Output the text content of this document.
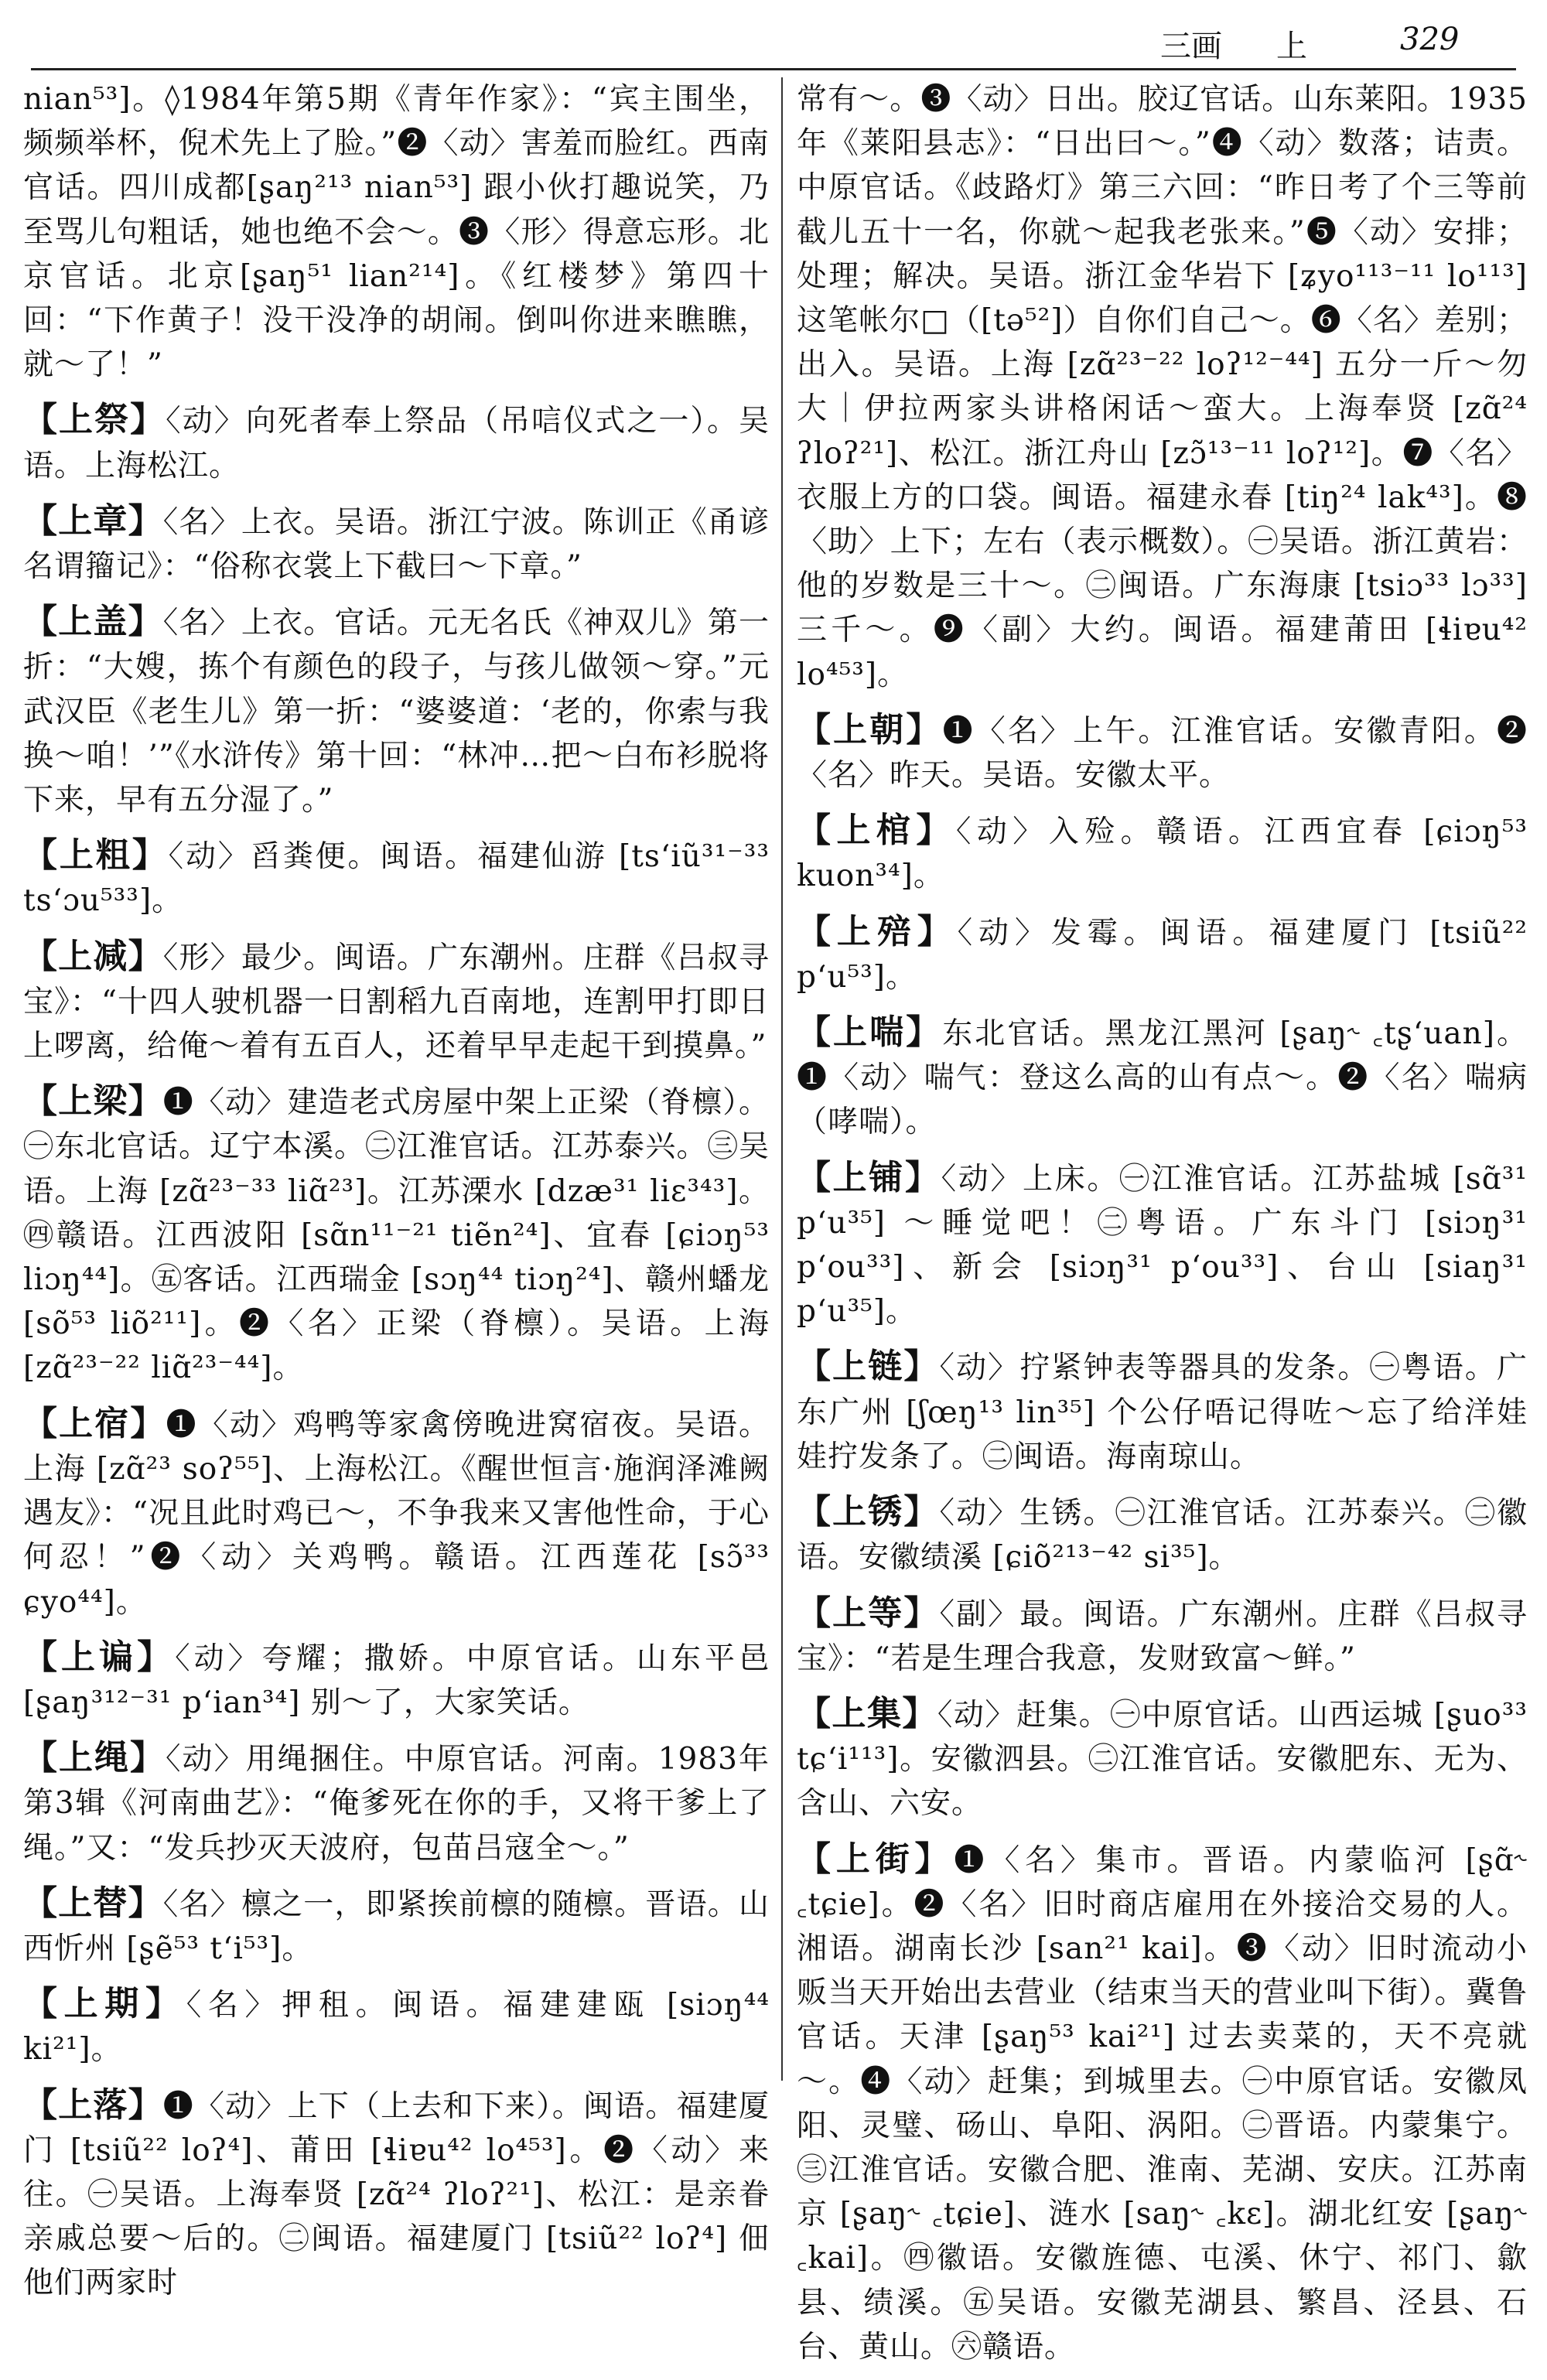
三画 上	329
nian⁵³]。◊1984年第5期《青年作家》：“宾主围坐，频频举杯，倪术先上了脸。”❷〈动〉害羞而脸红。西南官话。四川成都[ʂaŋ²¹³ nian⁵³] 跟小伙打趣说笑，乃至骂儿句粗话，她也绝不会～。❸〈形〉得意忘形。北京官话。北京[ʂaŋ⁵¹ lian²¹⁴]。《红楼梦》第四十回：“下作黄子！没干没净的胡闹。倒叫你进来瞧瞧，就～了！”
【上祭】〈动〉向死者奉上祭品（吊唁仪式之一）。吴语。上海松江。
【上章】〈名〉上衣。吴语。浙江宁波。陈训正《甬谚名谓籀记》：“俗称衣裳上下截曰～下章。”
【上盖】〈名〉上衣。官话。元无名氏《神双儿》第一折：“大嫂，拣个有颜色的段子，与孩儿做领～穿。”元武汉臣《老生儿》第一折：“婆婆道：‘老的，你索与我换～咱！’”《水浒传》第十回：“林冲…把～白布衫脱将下来，早有五分湿了。”
【上粗】〈动〉舀粪便。闽语。福建仙游 [ts‘iũ³¹⁻³³ ts‘ɔu⁵³³]。
【上减】〈形〉最少。闽语。广东潮州。庄群《吕叔寻宝》：“十四人驶机器一日割稻九百南地，连割甲打即日上啰离，给俺～着有五百人，还着早早走起干到摸鼻。”
【上梁】❶〈动〉建造老式房屋中架上正梁（脊檩）。㊀东北官话。辽宁本溪。㊁江淮官话。江苏泰兴。㊂吴语。上海 [zɑ̃²³⁻³³ liɑ̃²³]。江苏溧水 [dzæ³¹ liɛ³⁴³]。㊃赣语。江西波阳 [sɑ̃n¹¹⁻²¹ tiẽn²⁴]、宜春 [ɕiɔŋ⁵³ liɔŋ⁴⁴]。㊄客话。江西瑞金 [sɔŋ⁴⁴ tiɔŋ²⁴]、赣州蟠龙 [sõ⁵³ liõ²¹¹]。❷〈名〉正梁（脊檩）。吴语。上海 [zɑ̃²³⁻²² liɑ̃²³⁻⁴⁴]。
【上宿】❶〈动〉鸡鸭等家禽傍晚进窝宿夜。吴语。上海 [zɑ̃²³ soʔ⁵⁵]、上海松江。《醒世恒言·施润泽滩阙遇友》：“况且此时鸡已～，不争我来又害他性命，于心何忍！”❷〈动〉关鸡鸭。赣语。江西莲花 [sɔ̃³³ ɕyo⁴⁴]。
【上谝】〈动〉夸耀；撒娇。中原官话。山东平邑 [ʂaŋ³¹²⁻³¹ p‘ian³⁴] 别～了，大家笑话。
【上绳】〈动〉用绳捆住。中原官话。河南。1983年第3辑《河南曲艺》：“俺爹死在你的手，又将干爹上了绳。”又：“发兵抄灭天波府，包苗吕寇全～。”
【上替】〈名〉檩之一，即紧挨前檩的随檩。晋语。山西忻州 [ʂẽ⁵³ t‘i⁵³]。
【上期】〈名〉押租。闽语。福建建瓯 [siɔŋ⁴⁴ ki²¹]。
【上落】❶〈动〉上下（上去和下来）。闽语。福建厦门 [tsiũ²² loʔ⁴]、莆田 [ɬiɐu⁴² lo⁴⁵³]。❷〈动〉来往。㊀吴语。上海奉贤 [zɑ̃²⁴ ʔloʔ²¹]、松江：是亲眷亲戚总要～后的。㊁闽语。福建厦门 [tsiũ²² loʔ⁴] 佃他们两家时
常有～。❸〈动〉日出。胶辽官话。山东莱阳。1935年《莱阳县志》：“日出曰～。”❹〈动〉数落；诘责。中原官话。《歧路灯》第三六回：“昨日考了个三等前截儿五十一名，你就～起我老张来。”❺〈动〉安排；处理；解决。吴语。浙江金华岩下 [ʑyo¹¹³⁻¹¹ lo¹¹³] 这笔帐尔□（[tə⁵²]）自你们自己～。❻〈名〉差别；出入。吴语。上海 [zɑ̃²³⁻²² loʔ¹²⁻⁴⁴] 五分一斤～勿大｜伊拉两家头讲格闲话～蛮大。上海奉贤 [zɑ̃²⁴ ʔloʔ²¹]、松江。浙江舟山 [zɔ̃¹³⁻¹¹ loʔ¹²]。❼〈名〉衣服上方的口袋。闽语。福建永春 [tiŋ²⁴ lak⁴³]。❽〈助〉上下；左右（表示概数）。㊀吴语。浙江黄岩：他的岁数是三十～。㊁闽语。广东海康 [tsiɔ³³ lɔ³³] 三千～。❾〈副〉大约。闽语。福建莆田 [ɬiɐu⁴² lo⁴⁵³]。
【上朝】❶〈名〉上午。江淮官话。安徽青阳。❷〈名〉昨天。吴语。安徽太平。
【上棺】〈动〉入殓。赣语。江西宜春 [ɕiɔŋ⁵³ kuon³⁴]。
【上殕】〈动〉发霉。闽语。福建厦门 [tsiũ²² p‘u⁵³]。
【上喘】东北官话。黑龙江黑河 [ʂaŋ˞ ꜀tʂ‘uan]。❶〈动〉喘气：登这么高的山有点～。❷〈名〉喘病（哮喘）。
【上铺】〈动〉上床。㊀江淮官话。江苏盐城 [sɑ̃³¹ p‘u³⁵] ～睡觉吧！㊁粤语。广东斗门 [siɔŋ³¹ p‘ou³³]、新会 [siɔŋ³¹ p‘ou³³]、台山 [siaŋ³¹ p‘u³⁵]。
【上链】〈动〉拧紧钟表等器具的发条。㊀粤语。广东广州 [ʃœŋ¹³ lin³⁵] 个公仔唔记得咗～忘了给洋娃娃拧发条了。㊁闽语。海南琼山。
【上锈】〈动〉生锈。㊀江淮官话。江苏泰兴。㊁徽语。安徽绩溪 [ɕiõ²¹³⁻⁴² si³⁵]。
【上等】〈副〉最。闽语。广东潮州。庄群《吕叔寻宝》：“若是生理合我意，发财致富～鲜。”
【上集】〈动〉赶集。㊀中原官话。山西运城 [ʂuo³³ tɕ‘i¹¹³]。安徽泗县。㊁江淮官话。安徽肥东、无为、含山、六安。
【上街】❶〈名〉集市。晋语。内蒙临河 [ʂɑ̃˞ ꜀tɕie]。❷〈名〉旧时商店雇用在外接洽交易的人。湘语。湖南长沙 [san²¹ kai]。❸〈动〉旧时流动小贩当天开始出去营业（结束当天的营业叫下街）。冀鲁官话。天津 [ʂaŋ⁵³ kai²¹] 过去卖菜的，天不亮就～。❹〈动〉赶集；到城里去。㊀中原官话。安徽凤阳、灵璧、砀山、阜阳、涡阳。㊁晋语。内蒙集宁。㊂江淮官话。安徽合肥、淮南、芜湖、安庆。江苏南京 [ʂaŋ˞ ꜀tɕie]、涟水 [saŋ˞ ꜀kɛ]。湖北红安 [ʂaŋ˞ ꜀kai]。㊃徽语。安徽旌德、屯溪、休宁、祁门、歙县、绩溪。㊄吴语。安徽芜湖县、繁昌、泾县、石台、黄山。㊅赣语。
